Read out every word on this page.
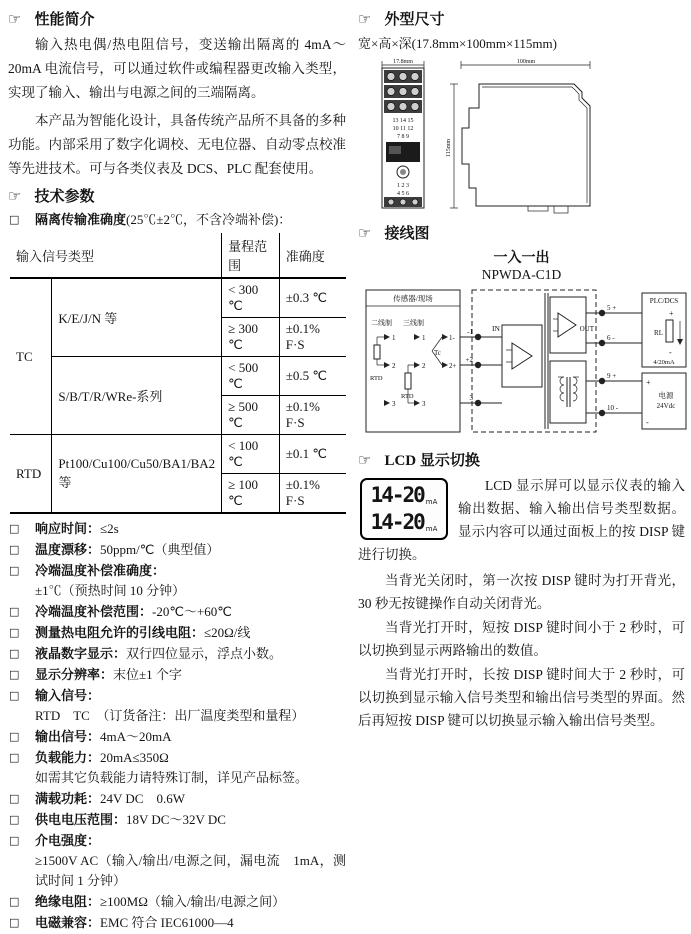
☞ 性能简介

输入热电偶/热电阻信号，变送输出隔离的 4mA～20mA 电流信号，可以通过软件或编程器更改输入类型，实现了输入、输出与电源之间的三端隔离。

本产品为智能化设计，具备传统产品所不具备的多种功能。内部采用了数字化调校、无电位器、自动零点校准等先进技术。可与各类仪表及 DCS、PLC 配套使用。

☞ 技术参数
□ 隔离传输准确度(25℃±2℃，不含冷端补偿)：
输入信号类型		量程范围	准确度
TC	K/E/J/N 等	< 300 ℃	±0.3 ℃
		≥ 300 ℃	±0.1% F·S
	S/B/T/R/WRe-系列	< 500 ℃	±0.5 ℃
		≥ 500 ℃	±0.1% F·S
RTD	Pt100/Cu100/Cu50/BA1/BA2 等	< 100 ℃	±0.1 ℃
		≥ 100 ℃	±0.1% F·S
□ 响应时间：≤2s
□ 温度漂移：50ppm/℃（典型值）
□ 冷端温度补偿准确度：
±1℃（预热时间 10 分钟）
□ 冷端温度补偿范围：-20℃～+60℃
□ 测量热电阻允许的引线电阻：≤20Ω/线
□ 液晶数字显示：双行四位显示，浮点小数。
□ 显示分辨率：末位±1 个字
□ 输入信号：
RTD　TC　（订货备注：出厂温度类型和量程）
□ 输出信号：4mA～20mA
□ 负载能力：20mA≤350Ω
如需其它负载能力请特殊订制，详见产品标签。
□ 满载功耗：24V DC　0.6W
□ 供电电压范围：18V DC～32V DC
□ 介电强度：
≥1500V AC（输入/输出/电源之间，漏电流　1mA，测试时间 1 分钟）
□ 绝缘电阻：≥100MΩ（输入/输出/电源之间）
□ 电磁兼容：EMC 符合 IEC61000—4
☞ 外型尺寸
宽×高×深(17.8mm×100mm×115mm)
17.8mm
13 14 15
10 11 12
7 8 9
1 2 3
4 5 6
100mm
115mm
☞ 接线图
一入一出
NPWDA-C1D
传感器/现场
二线制 三线制
1
2
3
RTD
1
2
3
RTD
Tc
1-
2+
IN
-1
+2
3
OUT
5 +
6 -
9 +
10 -
PLC/DCS
+
RL
-
4/20mA
+
电源
24Vdc
-
☞ LCD 显示切换
14-20 mA
14-20 mA

LCD 显示屏可以显示仪表的输入输出数据、输入输出信号类型数据。显示内容可以通过面板上的按 DISP 键进行切换。

当背光关闭时，第一次按 DISP 键时为打开背光，30 秒无按键操作自动关闭背光。

当背光打开时，短按 DISP 键时间小于 2 秒时，可以切换到显示两路输出的数值。

当背光打开时，长按 DISP 键时间大于 2 秒时，可以切换到显示输入信号类型和输出信号类型的界面。然后再短按 DISP 键可以切换显示输入输出信号类型。
